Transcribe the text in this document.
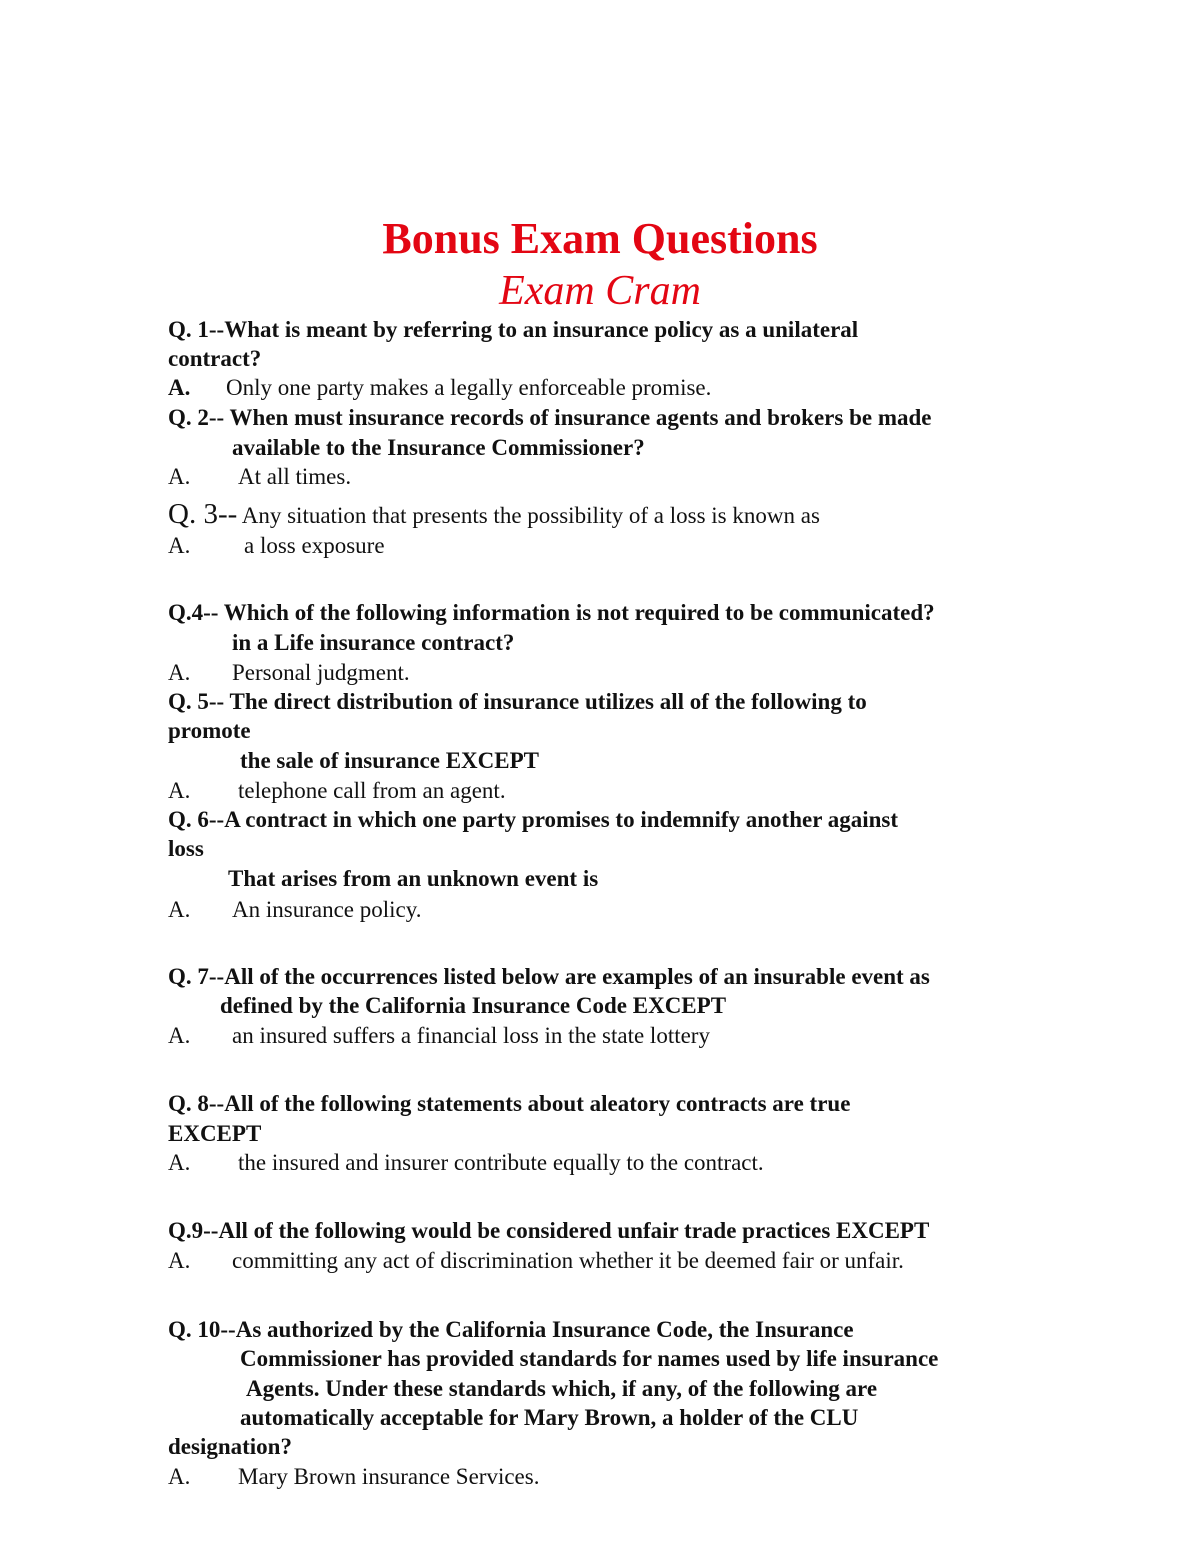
Bonus Exam Questions
Exam Cram
Q. 1--What is meant by referring to an insurance policy as a unilateral
contract?
A. Only one party makes a legally enforceable promise.
Q. 2-- When must insurance records of insurance agents and brokers be made
available to the Insurance Commissioner?
A. At all times.
Q. 3-- Any situation that presents the possibility of a loss is known as
A. a loss exposure
Q.4-- Which of the following information is not required to be communicated?
in a Life insurance contract?
A. Personal judgment.
Q. 5-- The direct distribution of insurance utilizes all of the following to
promote
the sale of insurance EXCEPT
A. telephone call from an agent.
Q. 6--A contract in which one party promises to indemnify another against
loss
That arises from an unknown event is
A. An insurance policy.
Q. 7--All of the occurrences listed below are examples of an insurable event as
defined by the California Insurance Code EXCEPT
A. an insured suffers a financial loss in the state lottery
Q. 8--All of the following statements about aleatory contracts are true
EXCEPT
A. the insured and insurer contribute equally to the contract.
Q.9--All of the following would be considered unfair trade practices EXCEPT
A. committing any act of discrimination whether it be deemed fair or unfair.
Q. 10--As authorized by the California Insurance Code, the Insurance
Commissioner has provided standards for names used by life insurance
Agents. Under these standards which, if any, of the following are
automatically acceptable for Mary Brown, a holder of the CLU
designation?
A. Mary Brown insurance Services.
